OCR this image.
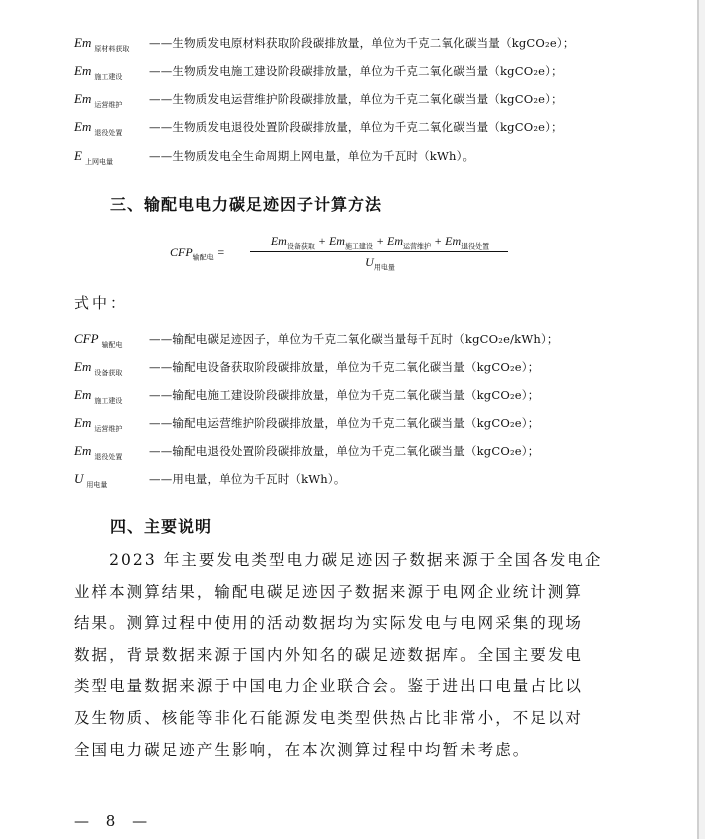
Em $_{原材料获取}$	——生物质发电原材料获取阶段碳排放量，单位为千克二氧化碳当量（kgCO₂e）；
Em $_{施工建设}$	——生物质发电施工建设阶段碳排放量，单位为千克二氧化碳当量（kgCO₂e）；
Em $_{运营维护}$	——生物质发电运营维护阶段碳排放量，单位为千克二氧化碳当量（kgCO₂e）；
Em $_{退役处置}$	——生物质发电退役处置阶段碳排放量，单位为千克二氧化碳当量（kgCO₂e）；
E $_{上网电量}$	——生物质发电全生命周期上网电量，单位为千瓦时（kWh）。
三、输配电电力碳足迹因子计算方法
$CFP_{输配电}$ =
$Em_{设备获取} + Em_{施工建设} + Em_{运营维护} + Em_{退役处置}$
$U_{用电量}$
式中：
CFP $_{输配电}$	——输配电碳足迹因子，单位为千克二氧化碳当量每千瓦时（kgCO₂e/kWh）；
Em $_{设备获取}$	——输配电设备获取阶段碳排放量，单位为千克二氧化碳当量（kgCO₂e）；
Em $_{施工建设}$	——输配电施工建设阶段碳排放量，单位为千克二氧化碳当量（kgCO₂e）；
Em $_{运营维护}$	——输配电运营维护阶段碳排放量，单位为千克二氧化碳当量（kgCO₂e）；
Em $_{退役处置}$	——输配电退役处置阶段碳排放量，单位为千克二氧化碳当量（kgCO₂e）；
U $_{用电量}$	——用电量，单位为千瓦时（kWh）。
四、主要说明
　　2023 年主要发电类型电力碳足迹因子数据来源于全国各发电企
业样本测算结果，输配电碳足迹因子数据来源于电网企业统计测算
结果。测算过程中使用的活动数据均为实际发电与电网采集的现场
数据，背景数据来源于国内外知名的碳足迹数据库。全国主要发电
类型电量数据来源于中国电力企业联合会。鉴于进出口电量占比以
及生物质、核能等非化石能源发电类型供热占比非常小，不足以对
全国电力碳足迹产生影响，在本次测算过程中均暂未考虑。
— 8 —
